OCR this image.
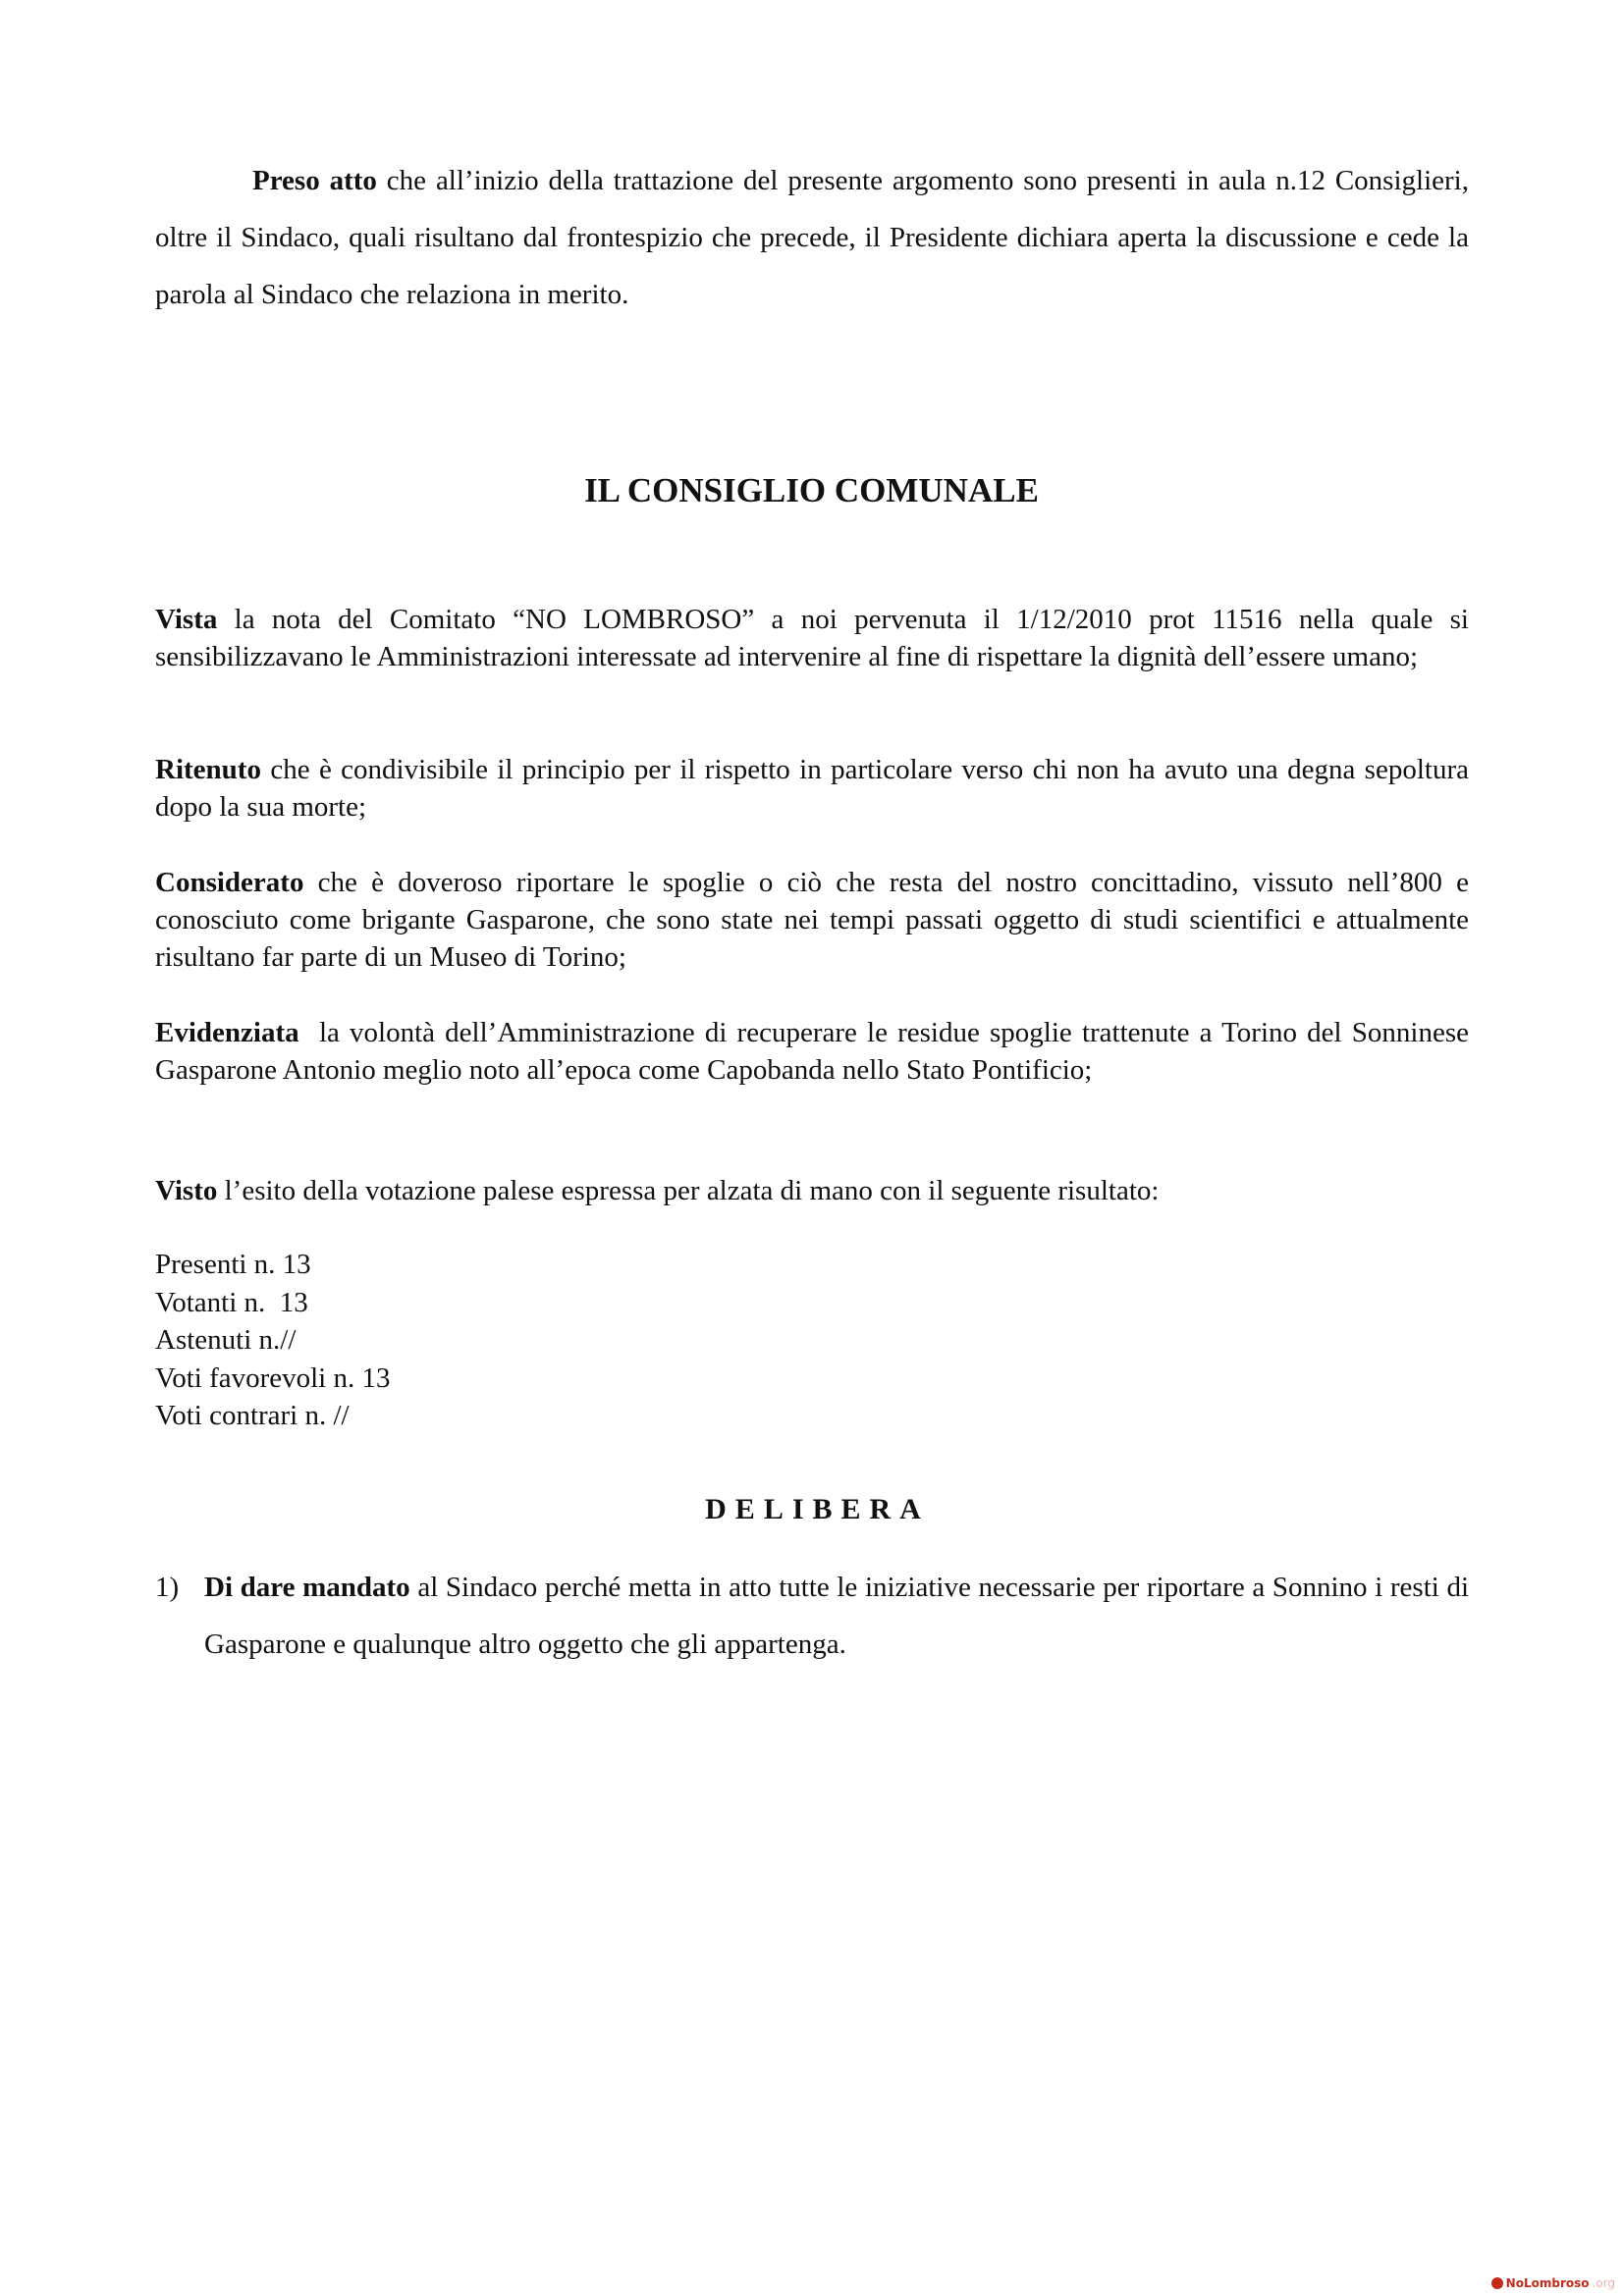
Preso atto che all’inizio della trattazione del presente argomento sono presenti in aula n.12 Consiglieri, oltre il Sindaco, quali risultano dal frontespizio che precede, il Presidente dichiara aperta la discussione e cede la parola al Sindaco che relaziona in merito.

IL CONSIGLIO COMUNALE

Vista la nota del Comitato “NO LOMBROSO” a noi pervenuta il 1/12/2010 prot 11516 nella quale si sensibilizzavano le Amministrazioni interessate ad intervenire al fine di rispettare la dignità dell’essere umano;

Ritenuto che è condivisibile il principio per il rispetto in particolare verso chi non ha avuto una degna sepoltura dopo la sua morte;

Considerato che è doveroso riportare le spoglie o ciò che resta del nostro concittadino, vissuto nell’800 e conosciuto come brigante Gasparone, che sono state nei tempi passati oggetto di studi scientifici e attualmente risultano far parte di un Museo di Torino;

Evidenziata  la volontà dell’Amministrazione di recuperare le residue spoglie trattenute a Torino del Sonninese Gasparone Antonio meglio noto all’epoca come Capobanda nello Stato Pontificio;

Visto l’esito della votazione palese espressa per alzata di mano con il seguente risultato:

Presenti n. 13
Votanti n.  13
Astenuti n.//
Voti favorevoli n. 13
Voti contrari n. //
DELIBERA
1) Di dare mandato al Sindaco perché metta in atto tutte le iniziative necessarie per riportare a Sonnino i resti di Gasparone e qualunque altro oggetto che gli appartenga.

NoLombroso .org
